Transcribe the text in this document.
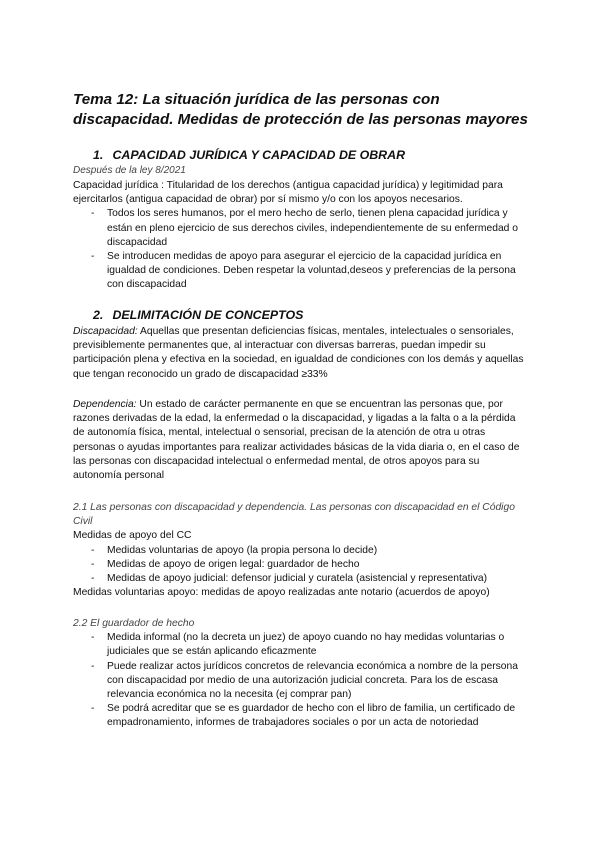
Tema 12: La situación jurídica de las personas con discapacidad. Medidas de protección de las personas mayores
1. CAPACIDAD JURÍDICA Y CAPACIDAD DE OBRAR
Después de la ley 8/2021

Capacidad jurídica : Titularidad de los derechos (antigua capacidad jurídica) y legitimidad para ejercitarlos (antigua capacidad de obrar) por sí mismo y/o con los apoyos necesarios.

- Todos los seres humanos, por el mero hecho de serlo, tienen plena capacidad jurídica y están en pleno ejercicio de sus derechos civiles, independientemente de su enfermedad o discapacidad
- Se introducen medidas de apoyo para asegurar el ejercicio de la capacidad jurídica en igualdad de condiciones. Deben respetar la voluntad,deseos y preferencias de la persona con discapacidad
2. DELIMITACIÓN DE CONCEPTOS

Discapacidad: Aquellas que presentan deficiencias físicas, mentales, intelectuales o sensoriales, previsiblemente permanentes que, al interactuar con diversas barreras, puedan impedir su participación plena y efectiva en la sociedad, en igualdad de condiciones con los demás y aquellas que tengan reconocido un grado de discapacidad ≥33%

Dependencia: Un estado de carácter permanente en que se encuentran las personas que, por razones derivadas de la edad, la enfermedad o la discapacidad, y ligadas a la falta o a la pérdida de autonomía física, mental, intelectual o sensorial, precisan de la atención de otra u otras personas o ayudas importantes para realizar actividades básicas de la vida diaria o, en el caso de las personas con discapacidad intelectual o enfermedad mental, de otros apoyos para su autonomía personal

2.1 Las personas con discapacidad y dependencia. Las personas con discapacidad en el Código Civil

Medidas de apoyo del CC

- Medidas voluntarias de apoyo (la propia persona lo decide)
- Medidas de apoyo de origen legal: guardador de hecho
- Medidas de apoyo judicial: defensor judicial y curatela (asistencial y representativa)

Medidas voluntarias apoyo: medidas de apoyo realizadas ante notario (acuerdos de apoyo)

2.2 El guardador de hecho

- Medida informal (no la decreta un juez) de apoyo cuando no hay medidas voluntarias o judiciales que se están aplicando eficazmente
- Puede realizar actos jurídicos concretos de relevancia económica a nombre de la persona con discapacidad por medio de una autorización judicial concreta. Para los de escasa relevancia económica no la necesita (ej comprar pan)
- Se podrá acreditar que se es guardador de hecho con el libro de familia, un certificado de empadronamiento, informes de trabajadores sociales o por un acta de notoriedad
